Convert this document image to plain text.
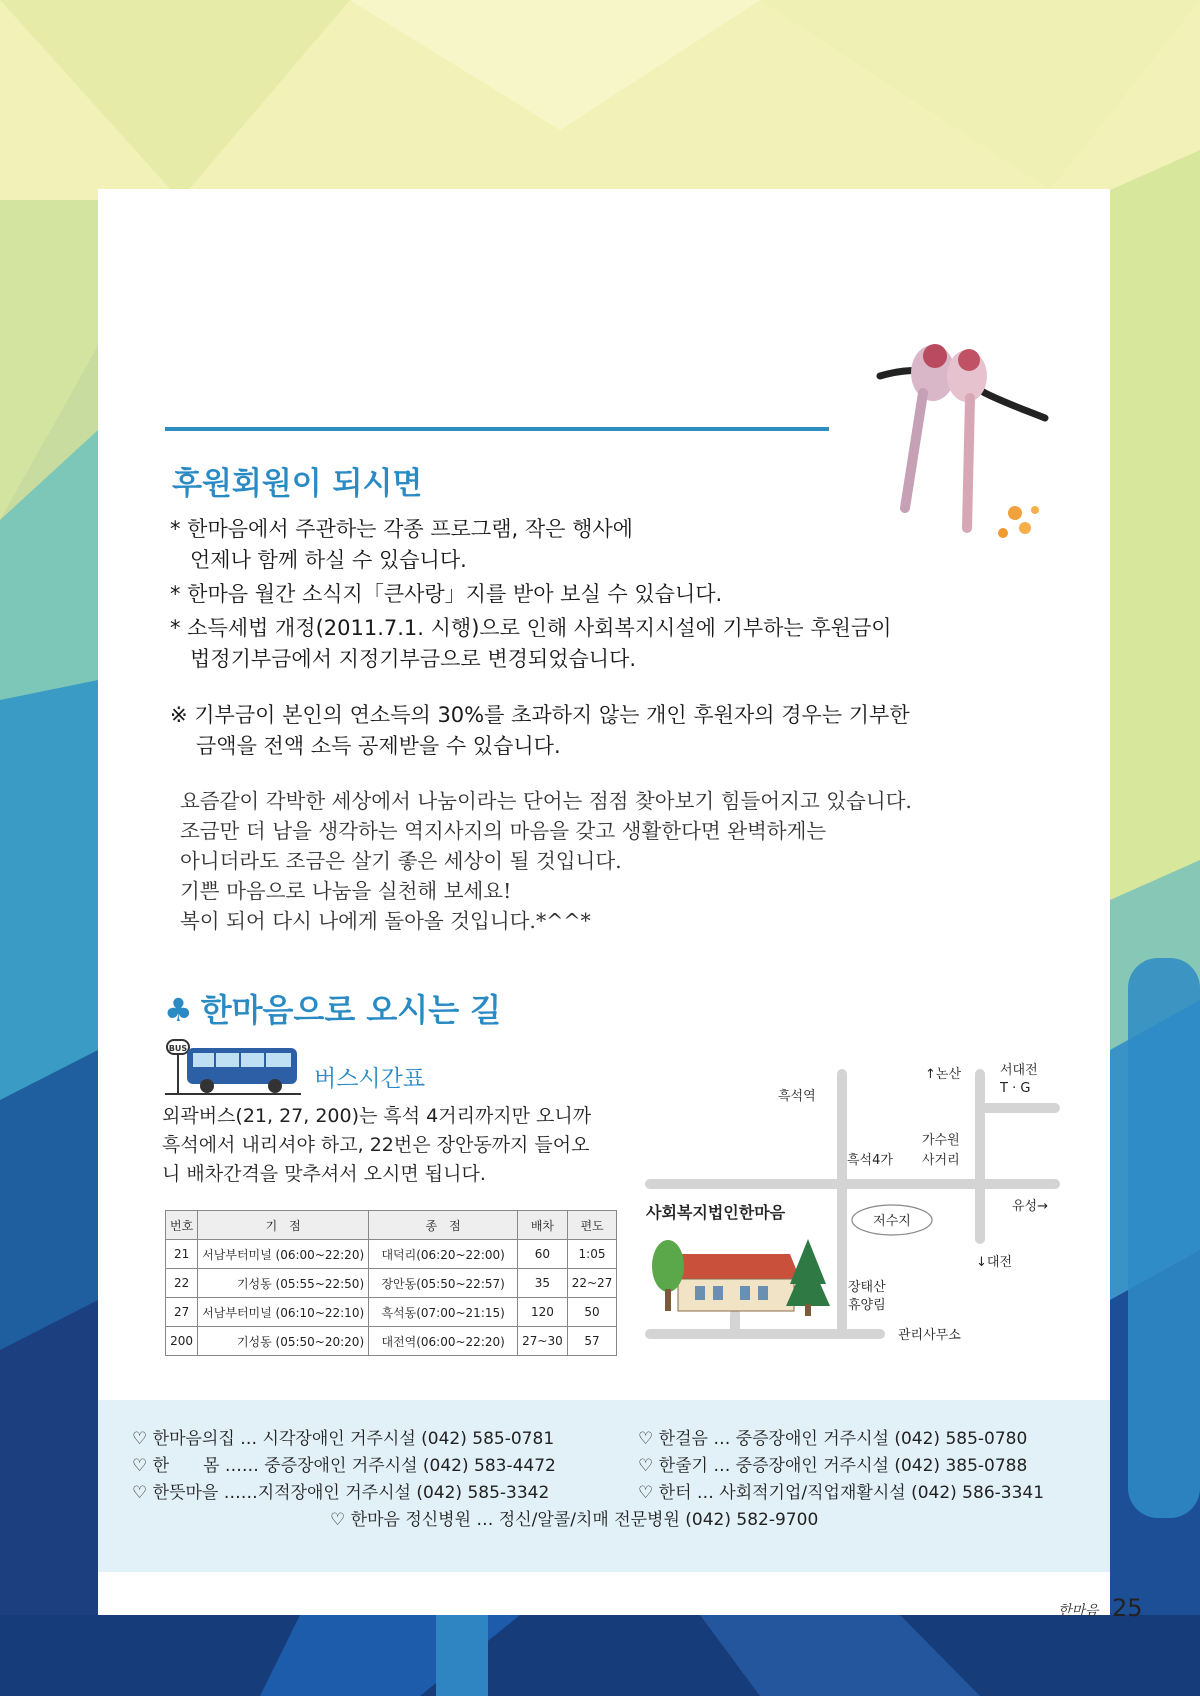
후원회원이 되시면
* 한마음에서 주관하는 각종 프로그램, 작은 행사에
언제나 함께 하실 수 있습니다.
* 한마음 월간 소식지「큰사랑」지를 받아 보실 수 있습니다.
* 소득세법 개정(2011.7.1. 시행)으로 인해 사회복지시설에 기부하는 후원금이
법정기부금에서 지정기부금으로 변경되었습니다.
※ 기부금이 본인의 연소득의 30%를 초과하지 않는 개인 후원자의 경우는 기부한
금액을 전액 소득 공제받을 수 있습니다.

요즘같이 각박한 세상에서 나눔이라는 단어는 점점 찾아보기 힘들어지고 있습니다.

조금만 더 남을 생각하는 역지사지의 마음을 갖고 생활한다면 완벽하게는

아니더라도 조금은 살기 좋은 세상이 될 것입니다.

기쁜 마음으로 나눔을 실천해 보세요!

복이 되어 다시 나에게 돌아올 것입니다.*^^*

♣ 한마음으로 오시는 길
BUS
버스시간표
외곽버스(21, 27, 200)는 흑석 4거리까지만 오니까 흑석에서 내리셔야 하고, 22번은 장안동까지 들어오니 배차간격을 맞추셔서 오시면 됩니다.
번호	기　점	종　점	배차	편도
21	서남부터미널 (06:00~22:20)	대덕리(06:20~22:00)	60	1:05
22	기성동 (05:55~22:50)	장안동(05:50~22:57)	35	22~27
27	서남부터미널 (06:10~22:10)	흑석동(07:00~21:15)	120	50
200	기성동 (05:50~20:20)	대전역(06:00~22:20)	27~30	57
흑석역
↑논산	서대전
T · G
가수원
사거리
흑석4가
유성→
사회복지법인한마음	저수지
↓대전
장태산
휴양림
관리사무소
♡ 한마음의집 … 시각장애인 거주시설 (042) 585-0781
♡ 한　　몸 …… 중증장애인 거주시설 (042) 583-4472
♡ 한뜻마을 ……지적장애인 거주시설 (042) 585-3342
♡ 한걸음 … 중증장애인 거주시설 (042) 585-0780
♡ 한줄기 … 중증장애인 거주시설 (042) 385-0788
♡ 한터 … 사회적기업/직업재활시설 (042) 586-3341
♡ 한마음 정신병원 … 정신/알콜/치매 전문병원 (042) 582-9700
한마음 25
